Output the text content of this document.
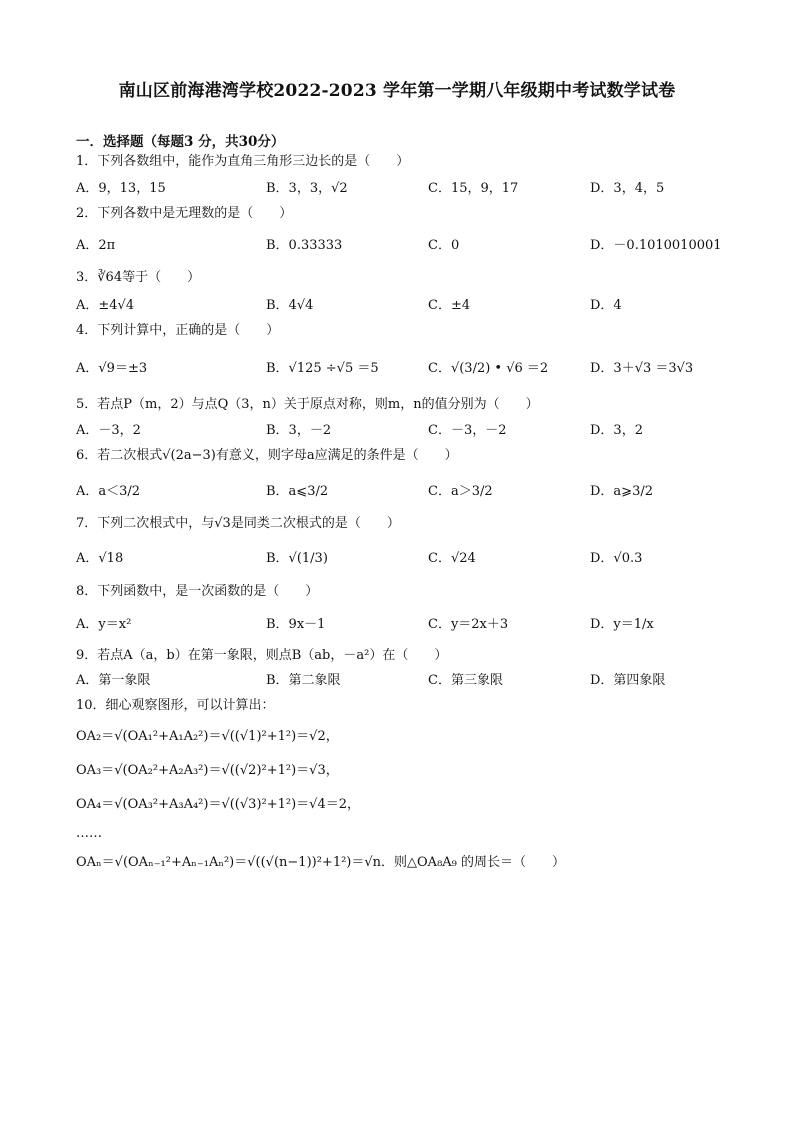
南山区前海港湾学校2022-2023 学年第一学期八年级期中考试数学试卷
一．选择题（每题3 分，共30分）
1．下列各数组中，能作为直角三角形三边长的是（　　）
A．9，13，15	B．3，3，√2	C．15，9，17	D．3，4，5
2．下列各数中是无理数的是（　　）
A．2π	B．0.33333	C．0	D．－0.1010010001
3．∛64等于（　　）
A．±4√4	B．4√4	C．±4	D．4
4．下列计算中，正确的是（　　）
A．√9＝±3	B．√125 ÷√5 ＝5	C．√(3/2) • √6 ＝2	D．3＋√3 ＝3√3
5．若点P（m，2）与点Q（3，n）关于原点对称，则m，n的值分别为（　　）
A．－3，2	B．3，－2	C．－3，－2	D．3，2
6．若二次根式√(2a−3)有意义，则字母a应满足的条件是（　　）
A．a＜3/2	B．a⩽3/2	C．a＞3/2	D．a⩾3/2
7．下列二次根式中，与√3是同类二次根式的是（　　）
A．√18	B．√(1/3)	C．√24	D．√0.3
8．下列函数中，是一次函数的是（　　）
A．y＝x²	B．9x－1	C．y＝2x＋3	D．y＝1/x
9．若点A（a，b）在第一象限，则点B（ab，－a²）在（　　）
A．第一象限	B．第二象限	C．第三象限	D．第四象限
10．细心观察图形，可以计算出：
OA₂＝√(OA₁²+A₁A₂²)＝√((√1)²+1²)＝√2，
OA₃＝√(OA₂²+A₂A₃²)＝√((√2)²+1²)＝√3，
OA₄＝√(OA₃²+A₃A₄²)＝√((√3)²+1²)＝√4＝2，
……
OAₙ＝√(OAₙ₋₁²+Aₙ₋₁Aₙ²)＝√((√(n−1))²+1²)＝√n．则△OA₈A₉ 的周长＝（　　）
